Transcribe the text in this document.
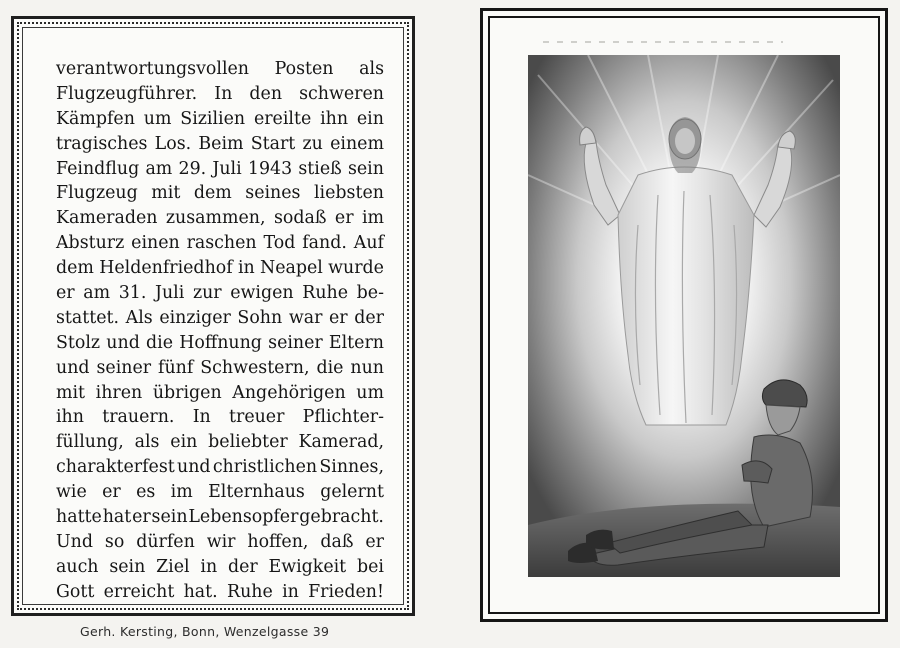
verantwortungsvollen Posten als
Flugzeugführer. In den schweren
Kämpfen um Sizilien ereilte ihn ein
tragisches Los. Beim Start zu einem
Feindflug am 29. Juli 1943 stieß sein
Flugzeug mit dem seines liebsten
Kameraden zusammen, sodaß er im
Absturz einen raschen Tod fand. Auf
dem Heldenfriedhof in Neapel wurde
er am 31. Juli zur ewigen Ruhe be-
stattet. Als einziger Sohn war er der
Stolz und die Hoffnung seiner Eltern
und seiner fünf Schwestern, die nun
mit ihren übrigen Angehörigen um
ihn trauern. In treuer Pflichter-
füllung, als ein beliebter Kamerad,
charakterfest und christlichen Sinnes,
wie er es im Elternhaus gelernt
hatte hat er sein Lebensopfer gebracht.
Und so dürfen wir hoffen, daß er
auch sein Ziel in der Ewigkeit bei
Gott erreicht hat. Ruhe in Frieden!
Gerh. Kersting, Bonn, Wenzelgasse 39
